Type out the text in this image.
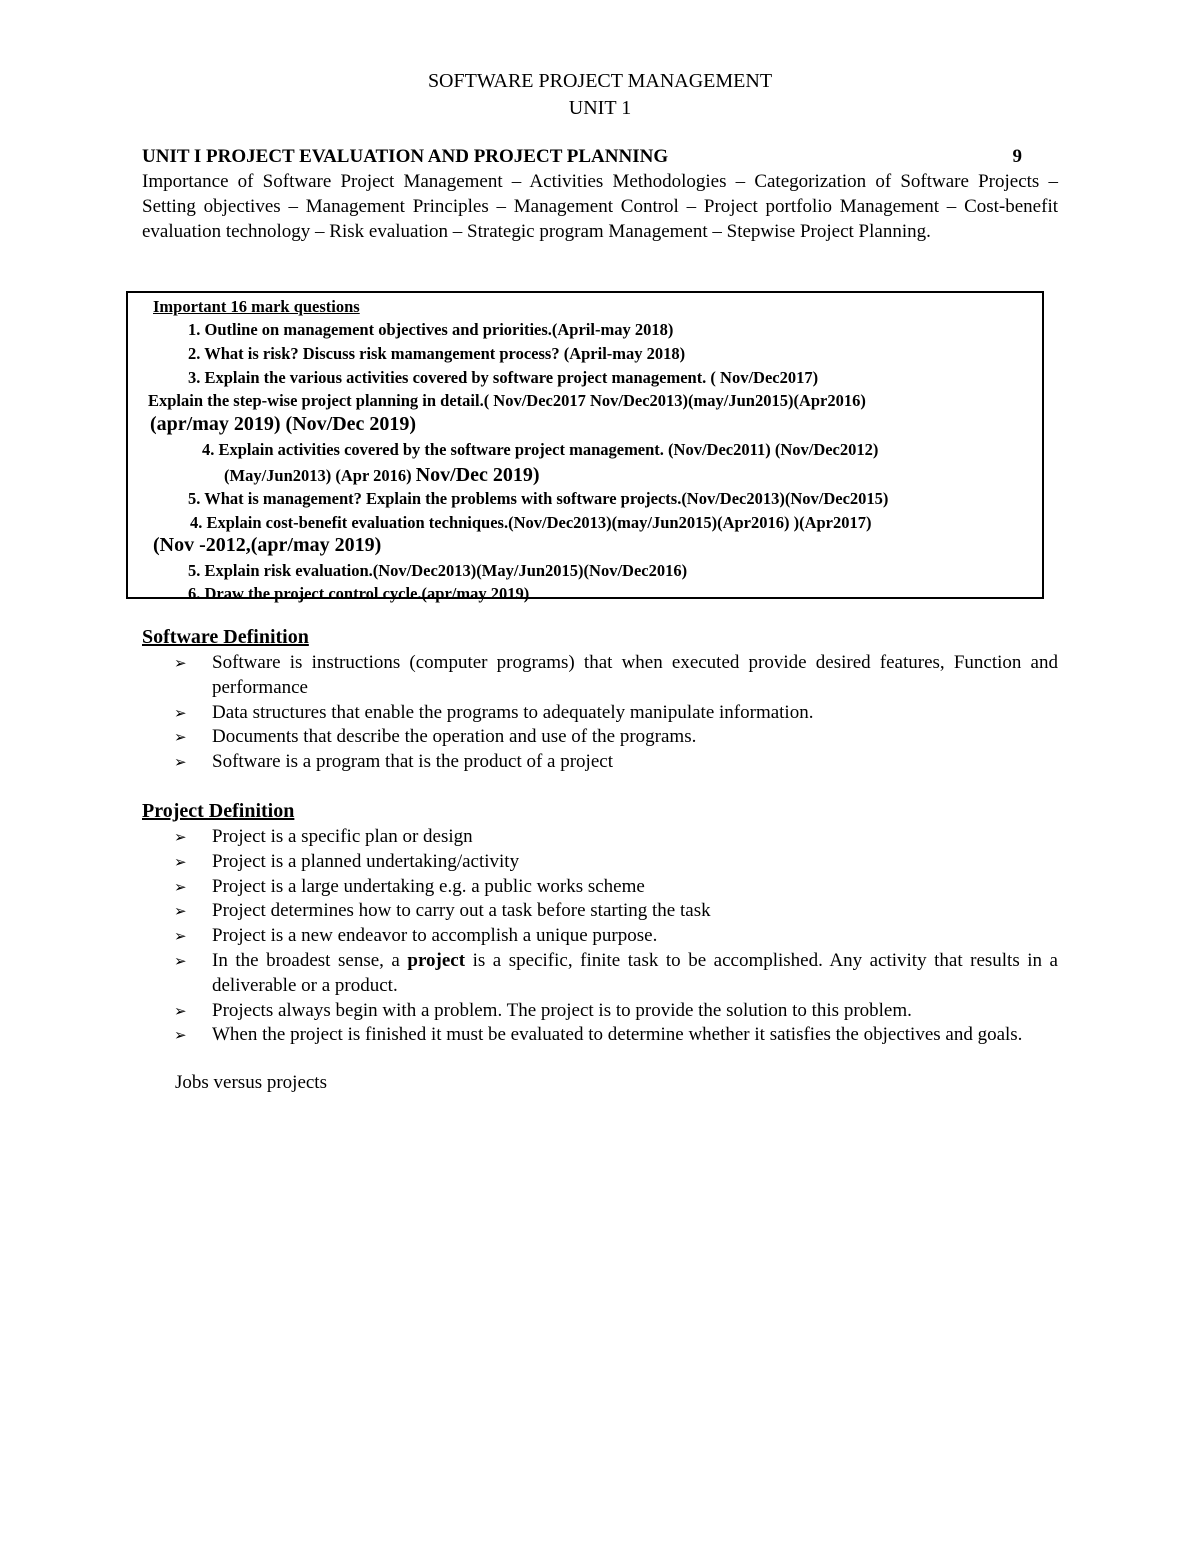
SOFTWARE PROJECT MANAGEMENT
UNIT 1
UNIT I PROJECT EVALUATION AND PROJECT PLANNING	9
Importance of Software Project Management – Activities Methodologies – Categorization of Software Projects – Setting objectives – Management Principles – Management Control – Project portfolio Management – Cost-benefit evaluation technology – Risk evaluation – Strategic program Management – Stepwise Project Planning.
Important 16 mark questions
1. Outline on management objectives and priorities.(April-may 2018)
2. What is risk? Discuss risk mamangement process? (April-may 2018)
3. Explain the various activities covered by software project management. ( Nov/Dec2017)
Explain the step-wise project planning in detail.( Nov/Dec2017 Nov/Dec2013)(may/Jun2015)(Apr2016)
(apr/may 2019) (Nov/Dec 2019)
4. Explain activities covered by the software project management. (Nov/Dec2011) (Nov/Dec2012)
(May/Jun2013) (Apr 2016) Nov/Dec 2019)
5. What is management? Explain the problems with software projects.(Nov/Dec2013)(Nov/Dec2015)
4. Explain cost-benefit evaluation techniques.(Nov/Dec2013)(may/Jun2015)(Apr2016) )(Apr2017)
(Nov -2012,(apr/may 2019)
5. Explain risk evaluation.(Nov/Dec2013)(May/Jun2015)(Nov/Dec2016)
6. Draw the project control cycle.(apr/may 2019)
Software Definition
➢ Software is instructions (computer programs) that when executed provide desired features, Function and performance
➢ Data structures that enable the programs to adequately manipulate information.
➢ Documents that describe the operation and use of the programs.
➢ Software is a program that is the product of a project
Project Definition
➢ Project is a specific plan or design
➢ Project is a planned undertaking/activity
➢ Project is a large undertaking e.g. a public works scheme
➢ Project determines how to carry out a task before starting the task
➢ Project is a new endeavor to accomplish a unique purpose.
➢ In the broadest sense, a project is a specific, finite task to be accomplished. Any activity that results in a deliverable or a product.
➢ Projects always begin with a problem. The project is to provide the solution to this problem.
➢ When the project is finished it must be evaluated to determine whether it satisfies the objectives and goals.
Jobs versus projects
